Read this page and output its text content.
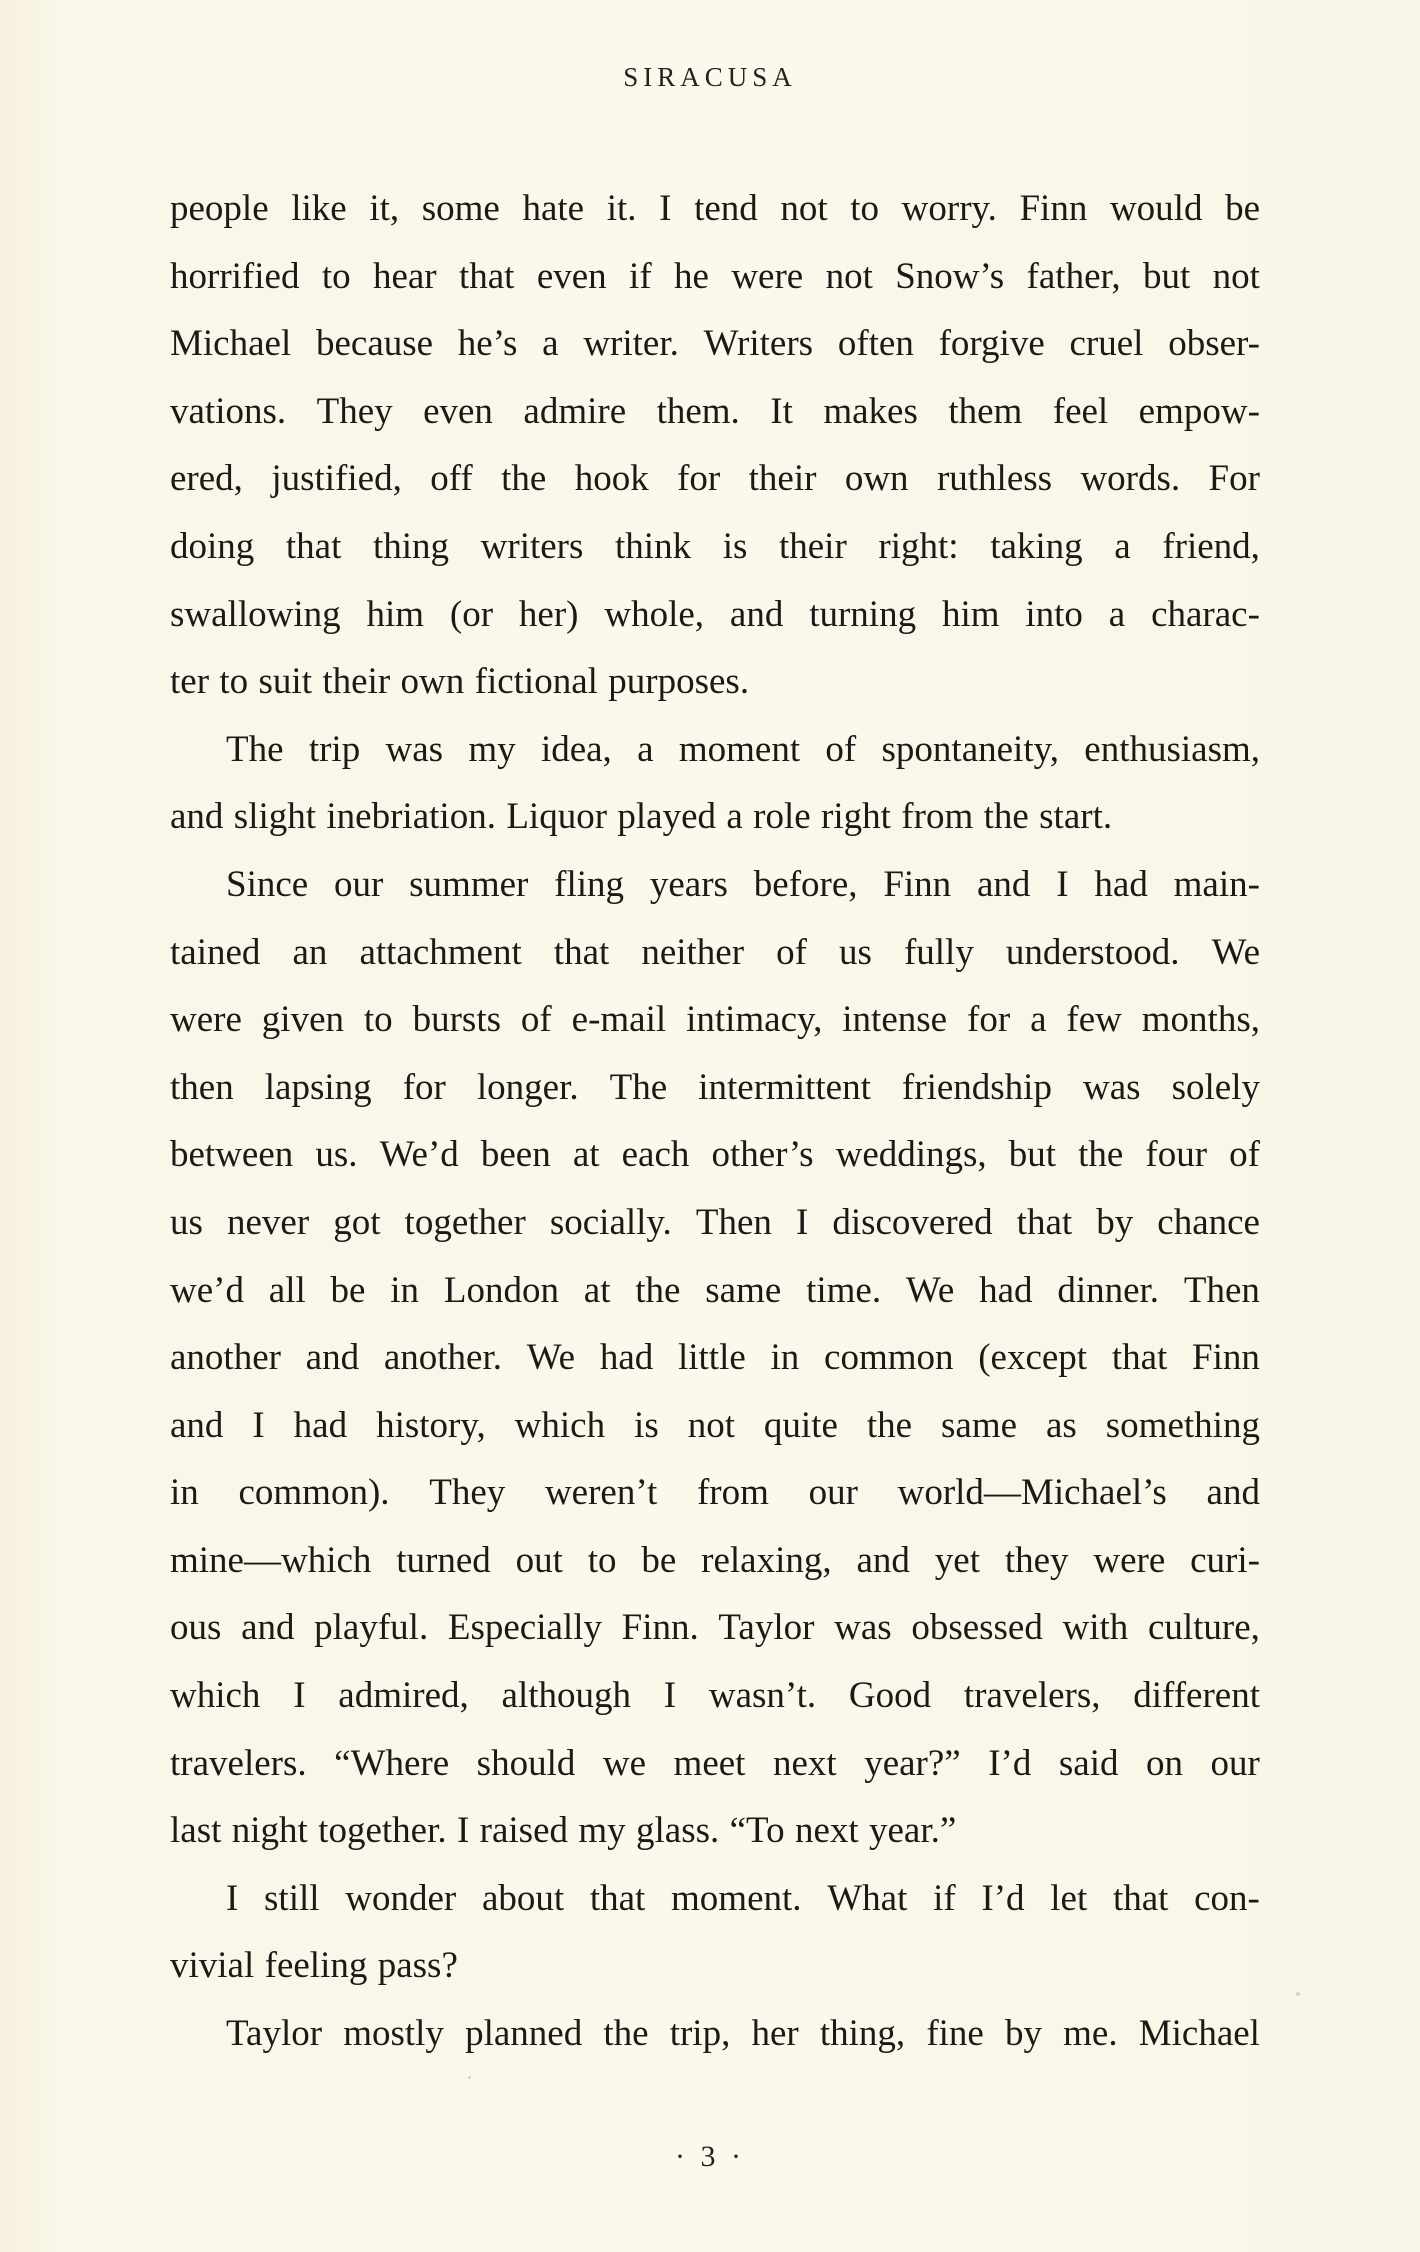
SIRACUSA
people like it, some hate it. I tend not to worry. Finn would be
horrified to hear that even if he were not Snow’s father, but not
Michael because he’s a writer. Writers often forgive cruel obser-
vations. They even admire them. It makes them feel empow-
ered, justified, off the hook for their own ruthless words. For
doing that thing writers think is their right: taking a friend,
swallowing him (or her) whole, and turning him into a charac-
ter to suit their own fictional purposes.
The trip was my idea, a moment of spontaneity, enthusiasm,
and slight inebriation. Liquor played a role right from the start.
Since our summer fling years before, Finn and I had main-
tained an attachment that neither of us fully understood. We
were given to bursts of e-mail intimacy, intense for a few months,
then lapsing for longer. The intermittent friendship was solely
between us. We’d been at each other’s weddings, but the four of
us never got together socially. Then I discovered that by chance
we’d all be in London at the same time. We had dinner. Then
another and another. We had little in common (except that Finn
and I had history, which is not quite the same as something
in common). They weren’t from our world—Michael’s and
mine—which turned out to be relaxing, and yet they were curi-
ous and playful. Especially Finn. Taylor was obsessed with culture,
which I admired, although I wasn’t. Good travelers, different
travelers. “Where should we meet next year?” I’d said on our
last night together. I raised my glass. “To next year.”
I still wonder about that moment. What if I’d let that con-
vivial feeling pass?
Taylor mostly planned the trip, her thing, fine by me. Michael
· 3 ·
